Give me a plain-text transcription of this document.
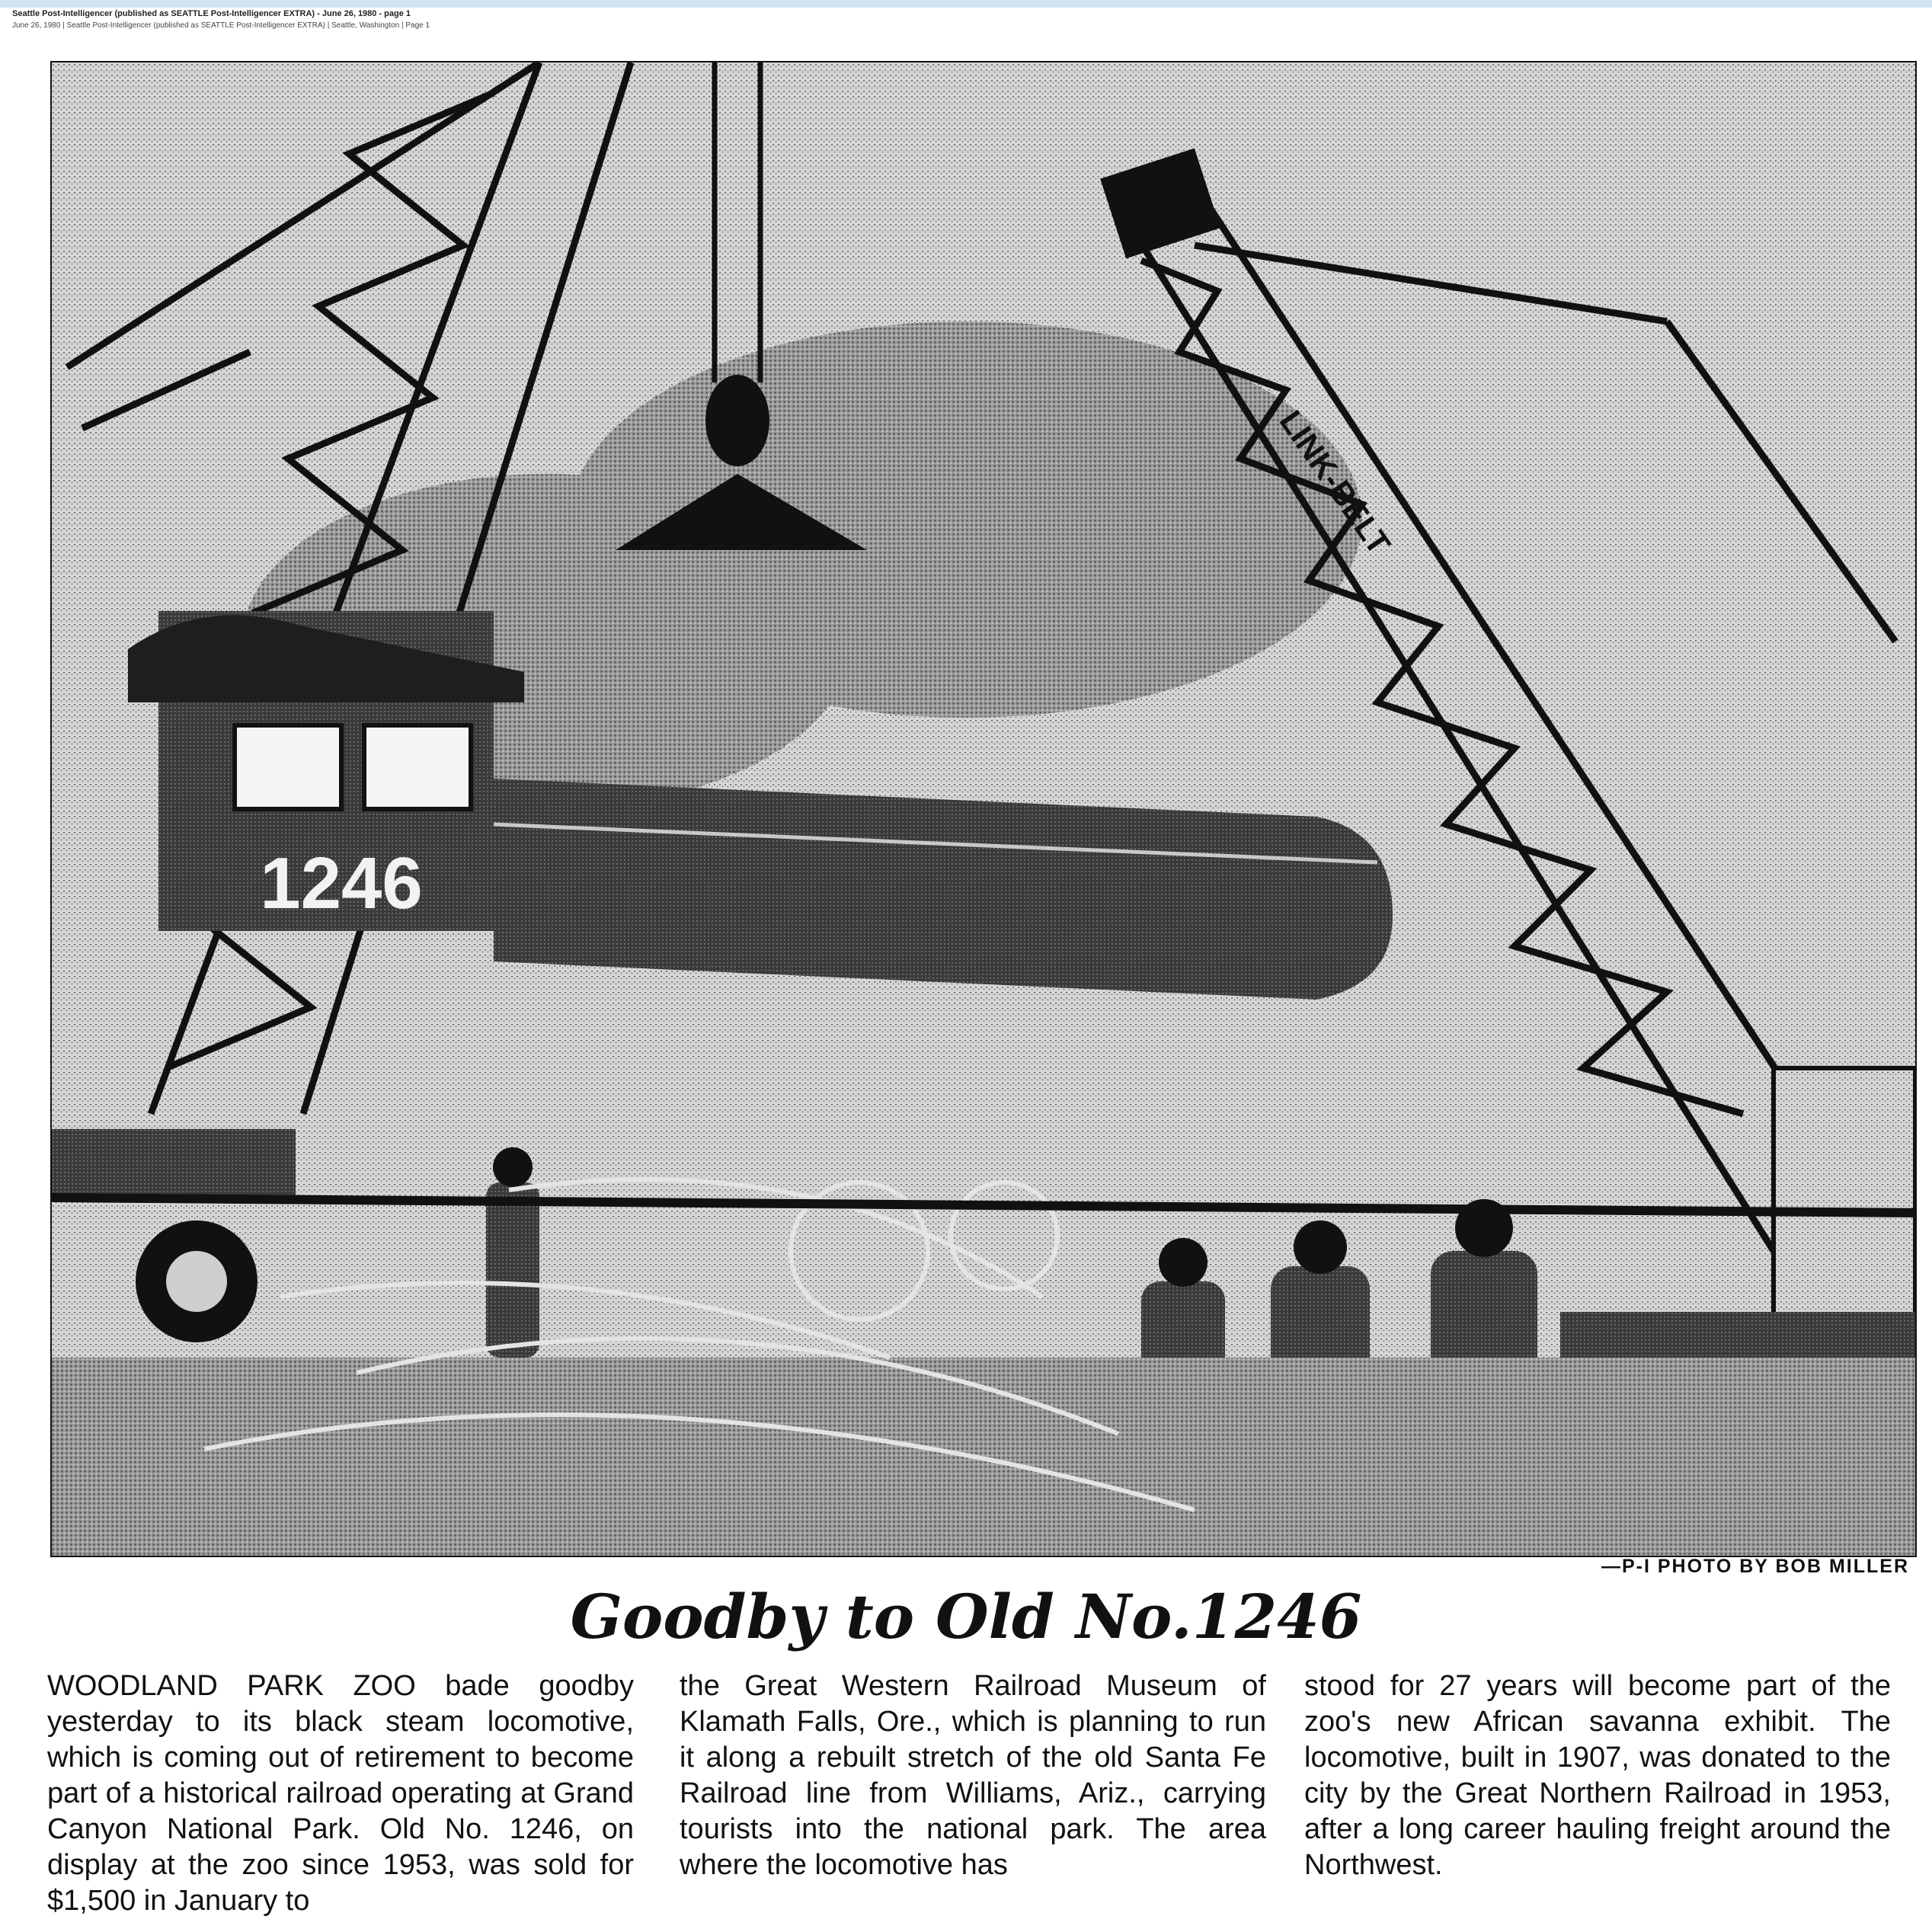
Seattle Post-Intelligencer (published as SEATTLE Post-Intelligencer EXTRA) - June 26, 1980 - page 1
June 26, 1980 | Seattle Post-Intelligencer (published as SEATTLE Post-Intelligencer EXTRA) | Seattle, Washington | Page 1
1246
LINK-BELT
—P-I PHOTO BY BOB MILLER
Goodby to Old No.1246
WOODLAND PARK ZOO bade goodby yesterday to its black steam locomotive, which is coming out of retirement to become part of a historical railroad operating at Grand Canyon National Park. Old No. 1246, on display at the zoo since 1953, was sold for $1,500 in January to
the Great Western Railroad Museum of Klamath Falls, Ore., which is planning to run it along a rebuilt stretch of the old Santa Fe Railroad line from Williams, Ariz., carrying tourists into the national park. The area where the locomotive has
stood for 27 years will become part of the zoo's new African savanna exhibit. The locomotive, built in 1907, was donated to the city by the Great Northern Railroad in 1953, after a long career hauling freight around the Northwest.
